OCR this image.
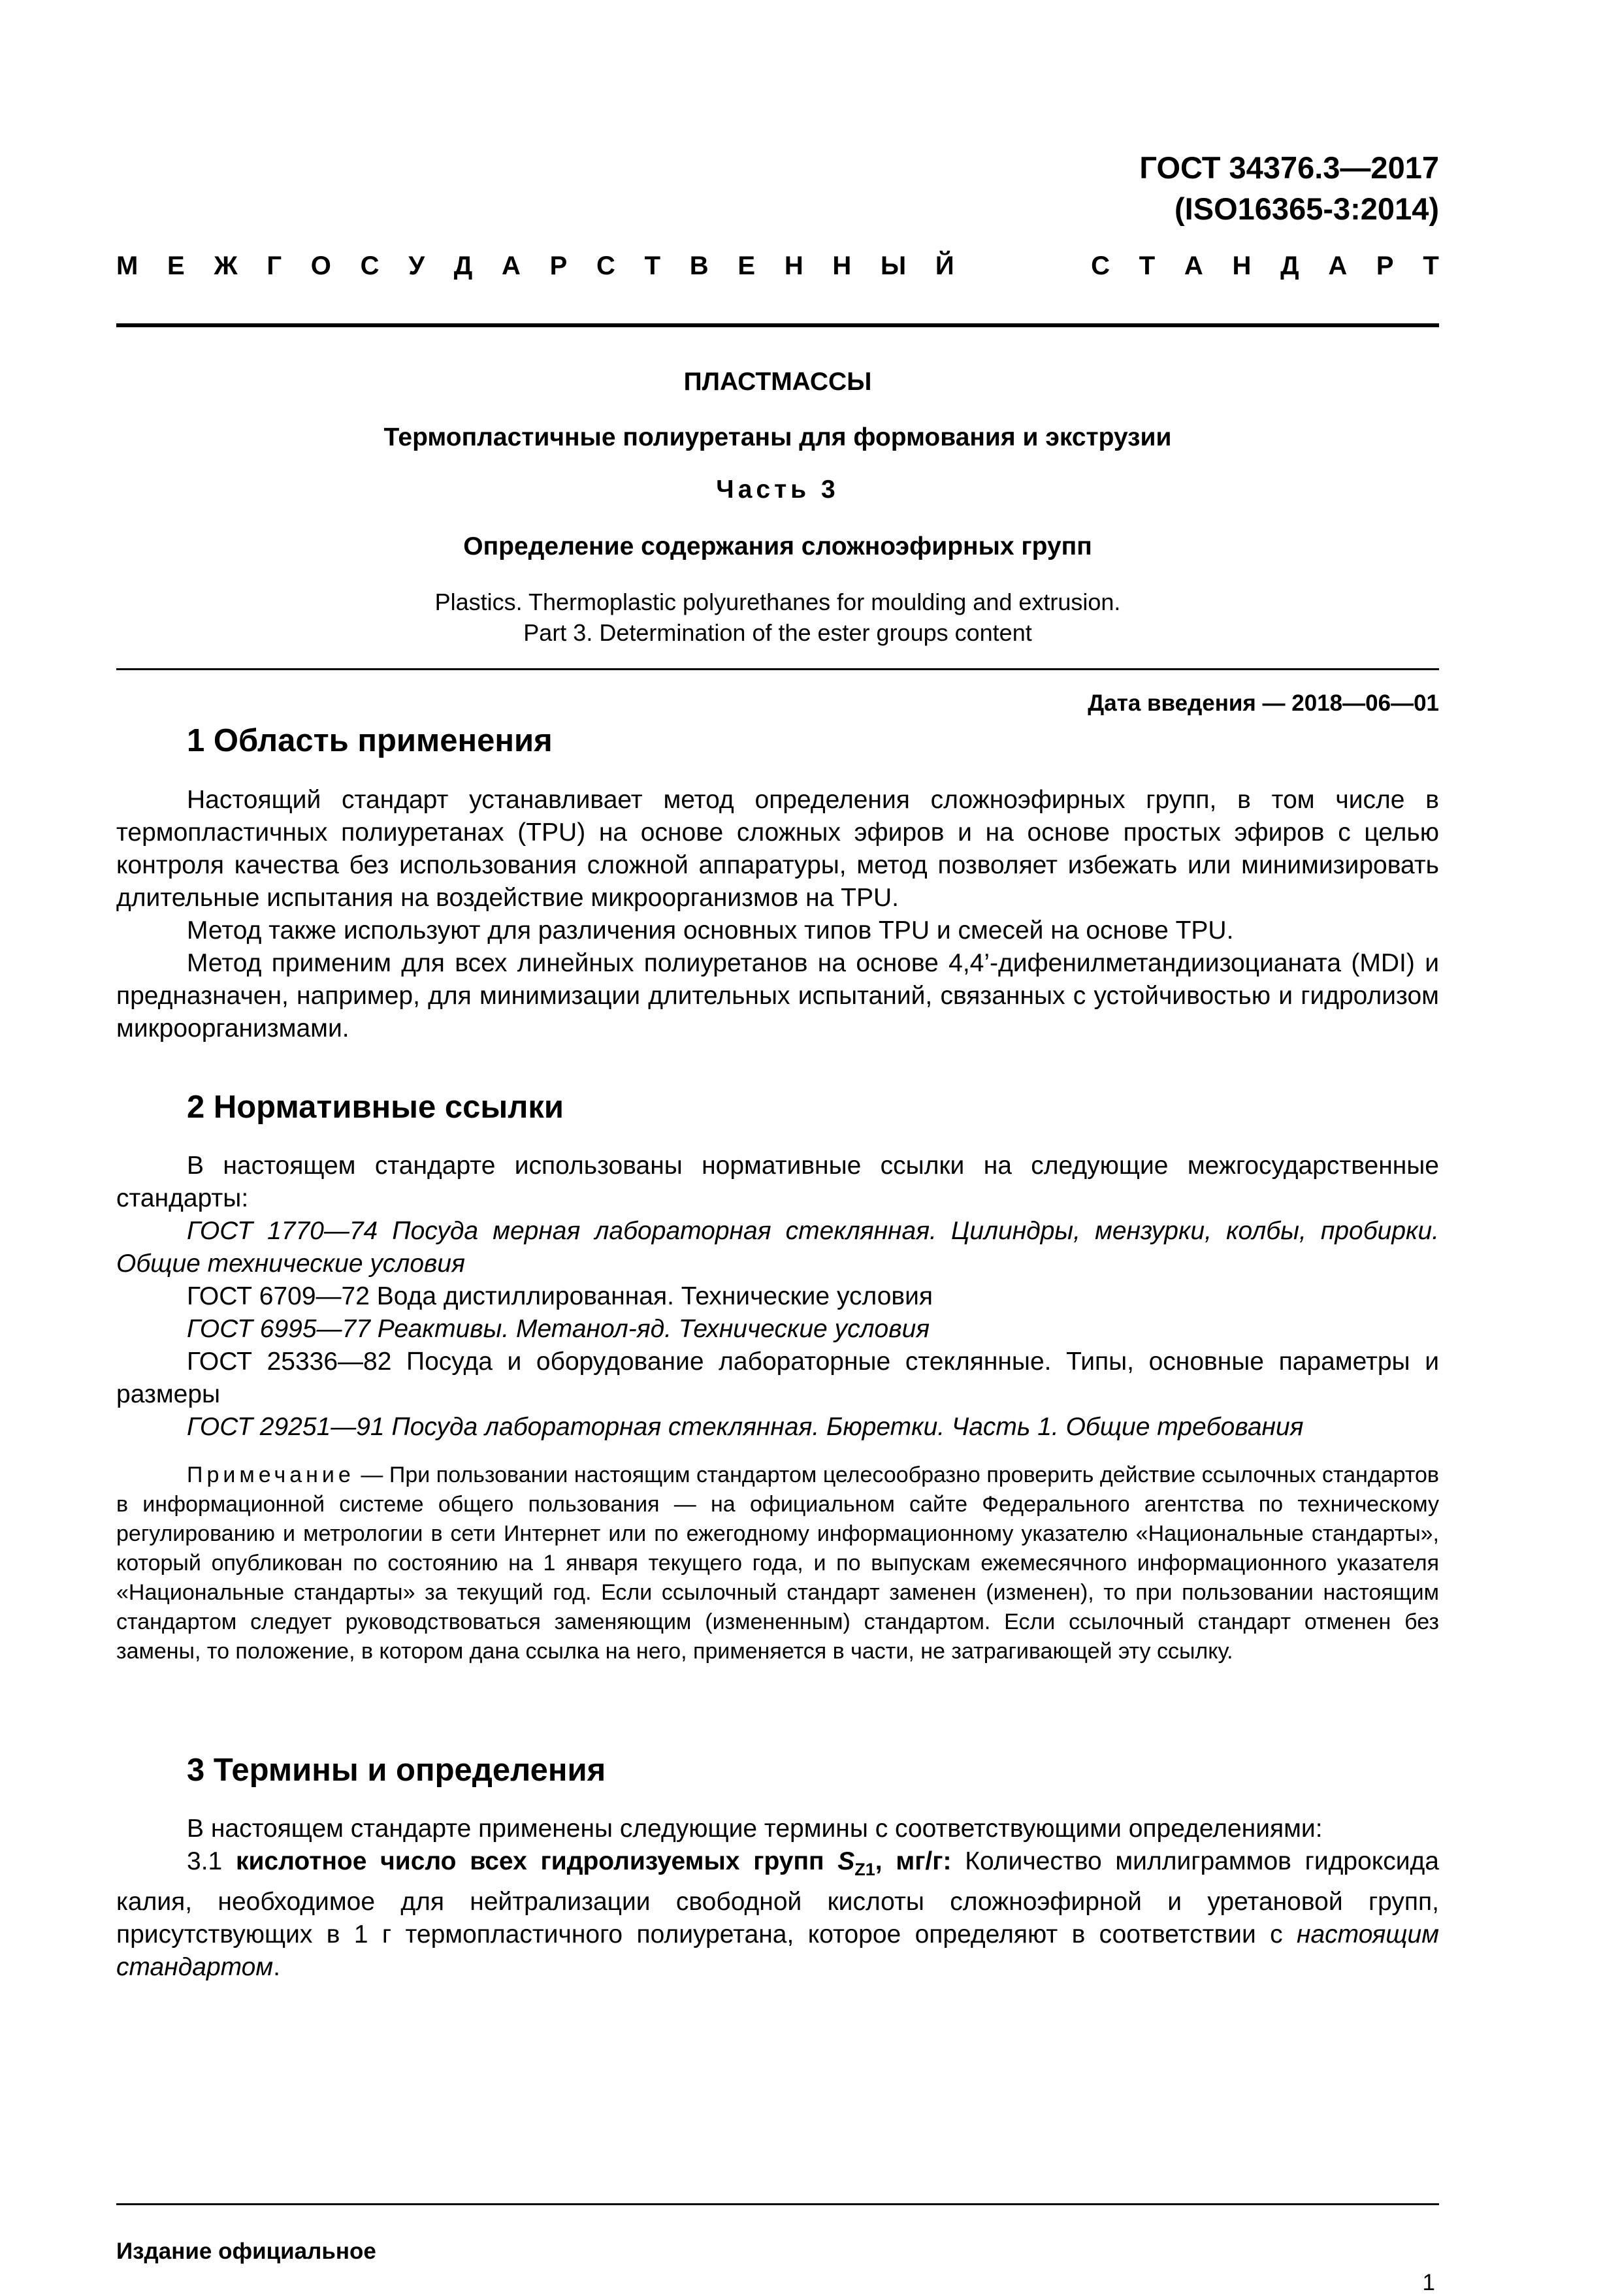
ГОСТ 34376.3—2017
(ISO16365-3:2014)
М Е Ж Г О С У Д А Р С Т В Е Н Н Ы Й	С Т А Н Д А Р Т
ПЛАСТМАССЫ
Термопластичные полиуретаны для формования и экструзии
Часть 3
Определение содержания сложноэфирных групп
Plastics. Thermoplastic polyurethanes for moulding and extrusion.
Part 3. Determination of the ester groups content
Дата введения — 2018—06—01
1 Область применения

Настоящий стандарт устанавливает метод определения сложноэфирных групп, в том числе в термопластичных полиуретанах (TPU) на основе сложных эфиров и на основе простых эфиров с целью контроля качества без использования сложной аппаратуры, метод позволяет избежать или минимизировать длительные испытания на воздействие микроорганизмов на TPU.

Метод также используют для различения основных типов TPU и смесей на основе TPU.

Метод применим для всех линейных полиуретанов на основе 4,4’-дифенилметандиизоцианата (MDI) и предназначен, например, для минимизации длительных испытаний, связанных с устойчивостью и гидролизом микроорганизмами.

2 Нормативные ссылки

В настоящем стандарте использованы нормативные ссылки на следующие межгосударственные стандарты:

ГОСТ 1770—74 Посуда мерная лабораторная стеклянная. Цилиндры, мензурки, колбы, пробирки. Общие технические условия

ГОСТ 6709—72 Вода дистиллированная. Технические условия

ГОСТ 6995—77 Реактивы. Метанол-яд. Технические условия

ГОСТ 25336—82 Посуда и оборудование лабораторные стеклянные. Типы, основные параметры и размеры

ГОСТ 29251—91 Посуда лабораторная стеклянная. Бюретки. Часть 1. Общие требования

Примечание — При пользовании настоящим стандартом целесообразно проверить действие ссылочных стандартов в информационной системе общего пользования — на официальном сайте Федерального агентства по техническому регулированию и метрологии в сети Интернет или по ежегодному информационному указателю «Национальные стандарты», который опубликован по состоянию на 1 января текущего года, и по выпускам ежемесячного информационного указателя «Национальные стандарты» за текущий год. Если ссылочный стандарт заменен (изменен), то при пользовании настоящим стандартом следует руководствоваться заменяющим (измененным) стандартом. Если ссылочный стандарт отменен без замены, то положение, в котором дана ссылка на него, применяется в части, не затрагивающей эту ссылку.

3 Термины и определения

В настоящем стандарте применены следующие термины с соответствующими определениями:

3.1 кислотное число всех гидролизуемых групп $S_{Z1}$, мг/г: Количество миллиграммов гидроксида калия, необходимое для нейтрализации свободной кислоты сложноэфирной и уретановой групп, присутствующих в 1 г термопластичного полиуретана, которое определяют в соответствии с настоящим стандартом.

Издание официальное
1
